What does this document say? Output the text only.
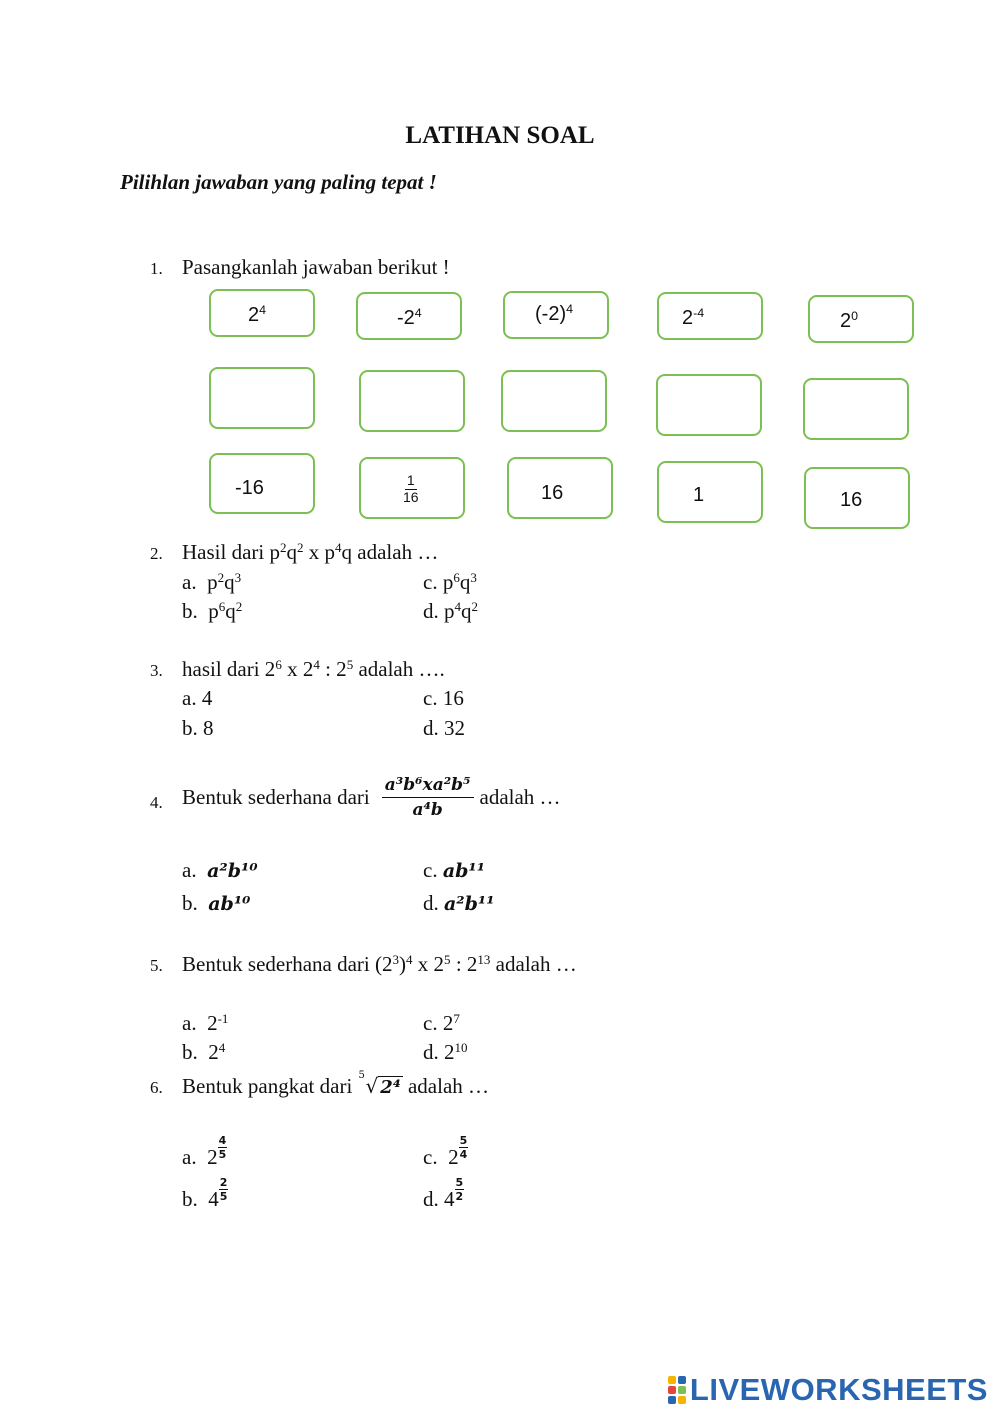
LATIHAN SOAL
Pilihlan jawaban yang paling tepat !
1. Pasangkanlah jawaban berikut !
$2^4$	$-2^4$	$(-2)^4$	$2^{-4}$	$2^0$
-16	$\frac{1}{16}$	16	1	16
2. Hasil dari $p^2q^2$ x $p^4q$ adalah …
a.  $p^2q^3$	c. $p^6q^3$
b.  $p^6q^2$	d. $p^4q^2$
3. hasil dari $2^6$ x $2^4$ : $2^5$ adalah ….
a. 4	c. 16
b. 8	d. 32
4. Bentuk sederhana dari $\frac{\text{a³b⁶xa²b⁵}}{\text{a⁴b}}$ adalah …
a. a²b¹⁰	c. ab¹¹
b. ab¹⁰	d. a²b¹¹
5. Bentuk sederhana dari $(2^3)^4$ x $2^5$ : $2^{13}$ adalah …
a. $2^{-1}$	c. $2^7$
b. $2^4$	d. $2^{10}$
6. Bentuk pangkat dari 5 √ 2⁴ adalah …
a. $2 \frac{4}{5}$	c. $2 \frac{5}{4}$
b. $4 \frac{2}{5}$	d. $4 \frac{5}{2}$
LIVEWORKSHEETS
